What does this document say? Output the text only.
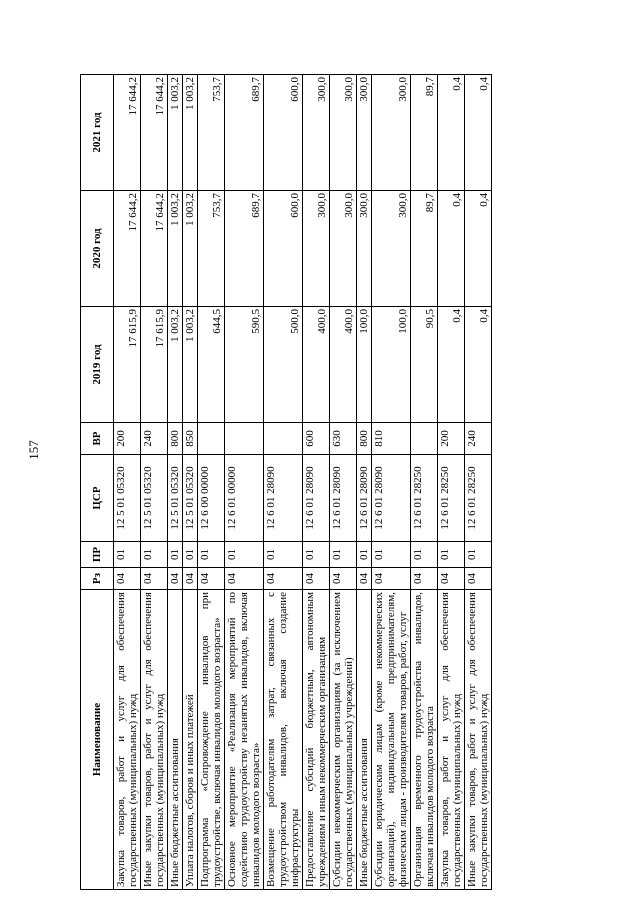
157
Наименование	Рз	ПР	ЦСР	ВР	2019 год	2020 год	2021 год
Закупка товаров, работ и услуг для обеспечения государственных (муниципальных) нужд	04	01	12 5 01 05320	200	17 615,9	17 644,2	17 644,2
Иные закупки товаров, работ и услуг для обеспечения государственных (муниципальных) нужд	04	01	12 5 01 05320	240	17 615,9	17 644,2	17 644,2
Иные бюджетные ассигнования	04	01	12 5 01 05320	800	1 003,2	1 003,2	1 003,2
Уплата налогов, сборов и иных платежей	04	01	12 5 01 05320	850	1 003,2	1 003,2	1 003,2
Подпрограмма «Сопровождение инвалидов при трудоустройстве, включая инвалидов молодого возраста»	04	01	12 6 00 00000		644,5	753,7	753,7
Основное мероприятие «Реализация мероприятий по содействию трудоустройству незанятых инвалидов, включая инвалидов молодого возраста»	04	01	12 6 01 00000		590,5	689,7	689,7
Возмещение работодателям затрат, связанных с трудоустройством инвалидов, включая создание инфраструктуры	04	01	12 6 01 28090		500,0	600,0	600,0
Предоставление субсидий бюджетным, автономным учреждениям и иным некоммерческим организациям	04	01	12 6 01 28090	600	400,0	300,0	300,0
Субсидии некоммерческим организациям (за исключением государственных (муниципальных) учреждений)	04	01	12 6 01 28090	630	400,0	300,0	300,0
Иные бюджетные ассигнования	04	01	12 6 01 28090	800	100,0	300,0	300,0
Субсидии юридическим лицам (кроме некоммерческих организаций), индивидуальным предпринимателям, физическим лицам - производителям товаров, работ, услуг	04	01	12 6 01 28090	810	100,0	300,0	300,0
Организация временного трудоустройства инвалидов, включая инвалидов молодого возраста	04	01	12 6 01 28250		90,5	89,7	89,7
Закупка товаров, работ и услуг для обеспечения государственных (муниципальных) нужд	04	01	12 6 01 28250	200	0,4	0,4	0,4
Иные закупки товаров, работ и услуг для обеспечения государственных (муниципальных) нужд	04	01	12 6 01 28250	240	0,4	0,4	0,4
